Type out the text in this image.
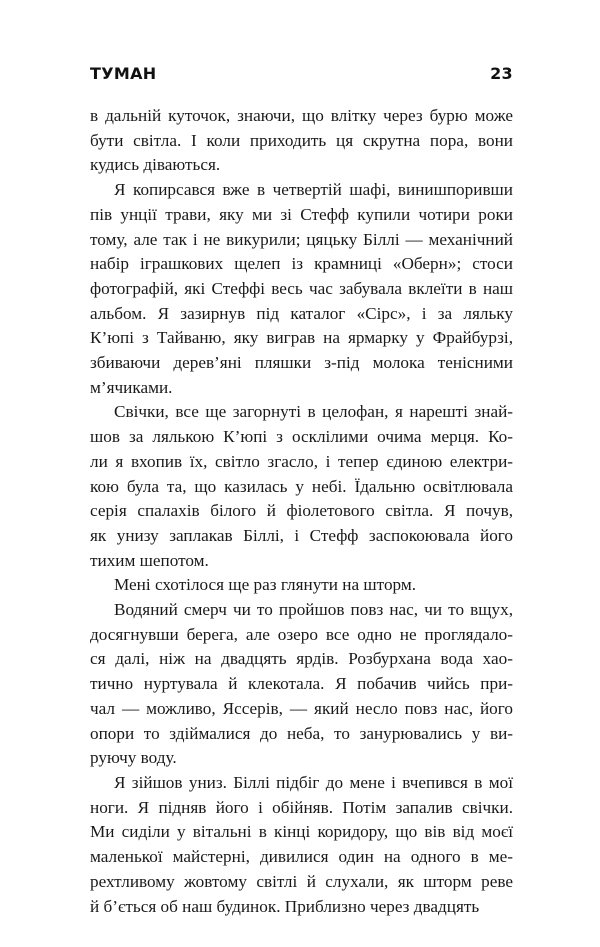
ТУМАН	23

в дальній куточок, знаючи, що влітку через бурю може
бути світла. І коли приходить ця скрутна пора, вони
кудись діваються.

Я копирсався вже в четвертій шафі, винишпоривши
пів унції трави, яку ми зі Стефф купили чотири роки
тому, але так і не викурили; цяцьку Біллі — механічний
набір іграшкових щелеп із крамниці «Оберн»; стоси
фотографій, які Стеффі весь час забувала вклеїти в наш
альбом. Я зазирнув під каталог «Сірс», і за ляльку
К’юпі з Тайваню, яку виграв на ярмарку у Фрайбурзі,
збиваючи дерев’яні пляшки з-під молока тенісними
м’ячиками.

Свічки, все ще загорнуті в целофан, я нарешті знай-
шов за лялькою К’юпі з осклілими очима мерця. Ко-
ли я вхопив їх, світло згасло, і тепер єдиною електри-
кою була та, що казилась у небі. Їдальню освітлювала
серія спалахів білого й фіолетового світла. Я почув,
як унизу заплакав Біллі, і Стефф заспокоювала його
тихим шепотом.

Мені схотілося ще раз глянути на шторм.

Водяний смерч чи то пройшов повз нас, чи то вщух,
досягнувши берега, але озеро все одно не проглядало-
ся далі, ніж на двадцять ярдів. Розбурхана вода хао-
тично нуртувала й клекотала. Я побачив чийсь при-
чал — можливо, Яссерів, — який несло повз нас, його
опори то здіймалися до неба, то занурювались у ви-
руючу воду.

Я зійшов униз. Біллі підбіг до мене і вчепився в мої
ноги. Я підняв його і обійняв. Потім запалив свічки.
Ми сиділи у вітальні в кінці коридору, що вів від моєї
маленької майстерні, дивилися один на одного в ме-
рехтливому жовтому світлі й слухали, як шторм реве
й б’ється об наш будинок. Приблизно через двадцять
